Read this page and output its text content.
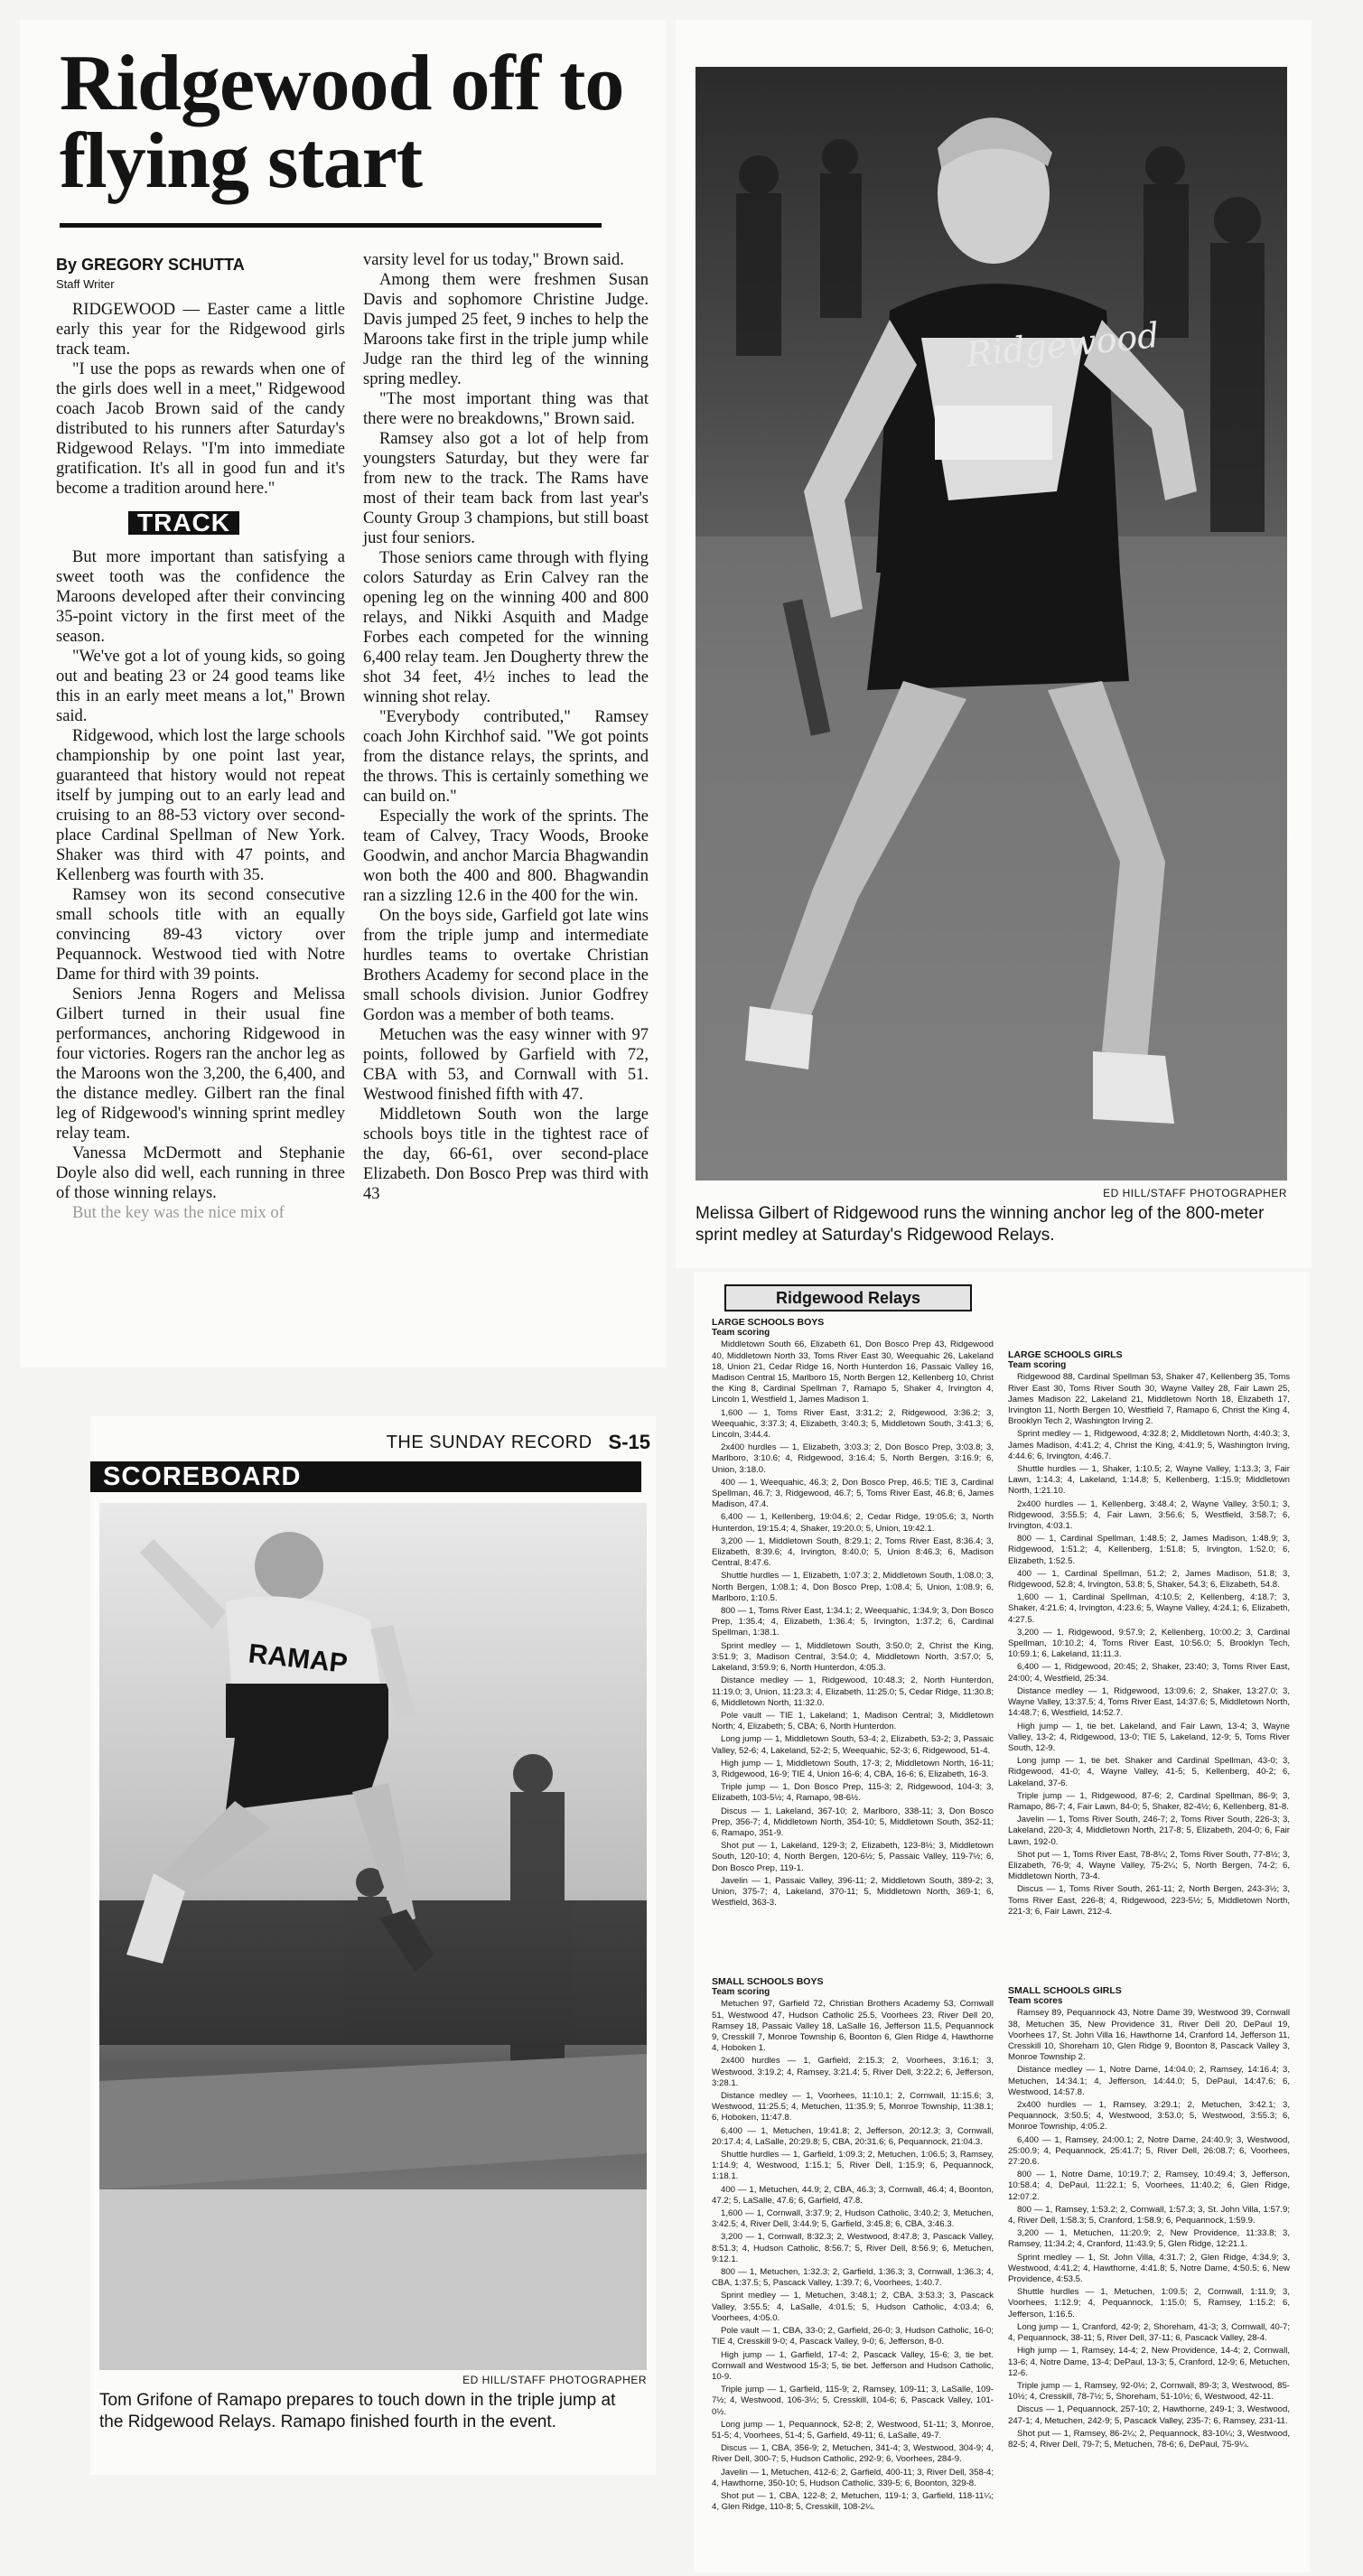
Ridgewood off to flying start
By GREGORY SCHUTTA
Staff Writer

RIDGEWOOD — Easter came a little early this year for the Ridgewood girls track team.

"I use the pops as rewards when one of the girls does well in a meet," Ridgewood coach Jacob Brown said of the candy distributed to his runners after Saturday's Ridgewood Relays. "I'm into immediate gratification. It's all in good fun and it's become a tradition around here."

TRACK

But more important than satisfying a sweet tooth was the confidence the Maroons developed after their convincing 35-point victory in the first meet of the season.

"We've got a lot of young kids, so going out and beating 23 or 24 good teams like this in an early meet means a lot," Brown said.

Ridgewood, which lost the large schools championship by one point last year, guaranteed that history would not repeat itself by jumping out to an early lead and cruising to an 88-53 victory over second-place Cardinal Spellman of New York. Shaker was third with 47 points, and Kellenberg was fourth with 35.

Ramsey won its second consecutive small schools title with an equally convincing 89-43 victory over Pequannock. Westwood tied with Notre Dame for third with 39 points.

Seniors Jenna Rogers and Melissa Gilbert turned in their usual fine performances, anchoring Ridgewood in four victories. Rogers ran the anchor leg as the Maroons won the 3,200, the 6,400, and the distance medley. Gilbert ran the final leg of Ridgewood's winning sprint medley relay team.

Vanessa McDermott and Stephanie Doyle also did well, each running in three of those winning relays.

But the key was the nice mix of

varsity level for us today," Brown said.

Among them were freshmen Susan Davis and sophomore Christine Judge. Davis jumped 25 feet, 9 inches to help the Maroons take first in the triple jump while Judge ran the third leg of the winning spring medley.

"The most important thing was that there were no breakdowns," Brown said.

Ramsey also got a lot of help from youngsters Saturday, but they were far from new to the track. The Rams have most of their team back from last year's County Group 3 champions, but still boast just four seniors.

Those seniors came through with flying colors Saturday as Erin Calvey ran the opening leg on the winning 400 and 800 relays, and Nikki Asquith and Madge Forbes each competed for the winning 6,400 relay team. Jen Dougherty threw the shot 34 feet, 4½ inches to lead the winning shot relay.

"Everybody contributed," Ramsey coach John Kirchhof said. "We got points from the distance relays, the sprints, and the throws. This is certainly something we can build on."

Especially the work of the sprints. The team of Calvey, Tracy Woods, Brooke Goodwin, and anchor Marcia Bhagwandin won both the 400 and 800. Bhagwandin ran a sizzling 12.6 in the 400 for the win.

On the boys side, Garfield got late wins from the triple jump and intermediate hurdles teams to overtake Christian Brothers Academy for second place in the small schools division. Junior Godfrey Gordon was a member of both teams.

Metuchen was the easy winner with 97 points, followed by Garfield with 72, CBA with 53, and Cornwall with 51. Westwood finished fifth with 47.

Middletown South won the large schools boys title in the tightest race of the day, 66-61, over second-place Elizabeth. Don Bosco Prep was third with 43

Ridgewood
ED HILL/STAFF PHOTOGRAPHER
Melissa Gilbert of Ridgewood runs the winning anchor leg of the 800-meter sprint medley at Saturday's Ridgewood Relays.
THE SUNDAY RECORD S-15
SCOREBOARD
RAMAP
ED HILL/STAFF PHOTOGRAPHER
Tom Grifone of Ramapo prepares to touch down in the triple jump at the Ridgewood Relays. Ramapo finished fourth in the event.
Ridgewood Relays
LARGE SCHOOLS BOYS
Team scoring

Middletown South 66, Elizabeth 61, Don Bosco Prep 43, Ridgewood 40, Middletown North 33, Toms River East 30, Weequahic 26, Lakeland 18, Union 21, Cedar Ridge 16, North Hunterdon 16, Passaic Valley 16, Madison Central 15, Marlboro 15, North Bergen 12, Kellenberg 10, Christ the King 8, Cardinal Spellman 7, Ramapo 5, Shaker 4, Irvington 4, Lincoln 1, Westfield 1, James Madison 1.

1,600 — 1, Toms River East, 3:31.2; 2, Ridgewood, 3:36.2; 3, Weequahic, 3:37.3; 4, Elizabeth, 3:40.3; 5, Middletown South, 3:41.3; 6, Lincoln, 3:44.4.

2x400 hurdles — 1, Elizabeth, 3:03.3; 2, Don Bosco Prep, 3:03.8; 3, Marlboro, 3:10.6; 4, Ridgewood, 3:16.4; 5, North Bergen, 3:16.9; 6, Union, 3:18.0.

400 — 1, Weequahic, 46.3; 2, Don Bosco Prep, 46.5; TIE 3, Cardinal Spellman, 46.7; 3, Ridgewood, 46.7; 5, Toms River East, 46.8; 6, James Madison, 47.4.

6,400 — 1, Kellenberg, 19:04.6; 2, Cedar Ridge, 19:05.6; 3, North Hunterdon, 19:15.4; 4, Shaker, 19:20.0; 5, Union, 19:42.1.

3,200 — 1, Middletown South, 8:29.1; 2, Toms River East, 8:36.4; 3, Elizabeth, 8:39.6; 4, Irvington, 8:40.0; 5, Union 8:46.3; 6, Madison Central, 8:47.6.

Shuttle hurdles — 1, Elizabeth, 1:07.3; 2, Middletown South, 1:08.0; 3, North Bergen, 1:08.1; 4, Don Bosco Prep, 1:08.4; 5, Union, 1:08.9; 6, Marlboro, 1:10.5.

800 — 1, Toms River East, 1:34.1; 2, Weequahic, 1:34.9; 3, Don Bosco Prep, 1:35.4; 4, Elizabeth, 1:36.4; 5, Irvington, 1:37.2; 6, Cardinal Spellman, 1:38.1.

Sprint medley — 1, Middletown South, 3:50.0; 2, Christ the King, 3:51.9; 3, Madison Central, 3:54.0; 4, Middletown North, 3:57.0; 5, Lakeland, 3:59.9; 6, North Hunterdon, 4:05.3.

Distance medley — 1, Ridgewood, 10:48.3; 2, North Hunterdon, 11:19.0; 3, Union, 11:23.3; 4, Elizabeth, 11:25.0; 5, Cedar Ridge, 11:30.8; 6, Middletown North, 11:32.0.

Pole vault — TIE 1, Lakeland; 1, Madison Central; 3, Middletown North; 4, Elizabeth; 5, CBA; 6, North Hunterdon.

Long jump — 1, Middletown South, 53-4; 2, Elizabeth, 53-2; 3, Passaic Valley, 52-6; 4, Lakeland, 52-2; 5, Weequahic, 52-3; 6, Ridgewood, 51-4.

High jump — 1, Middletown South, 17-3; 2, Middletown North, 16-11; 3, Ridgewood, 16-9; TIE 4, Union 16-6; 4, CBA, 16-6; 6, Elizabeth, 16-3.

Triple jump — 1, Don Bosco Prep, 115-3; 2, Ridgewood, 104-3; 3, Elizabeth, 103-5½; 4, Ramapo, 98-6½.

Discus — 1, Lakeland, 367-10; 2, Marlboro, 338-11; 3, Don Bosco Prep, 356-7; 4, Middletown North, 354-10; 5, Middletown South, 352-11; 6, Ramapo, 351-9.

Shot put — 1, Lakeland, 129-3; 2, Elizabeth, 123-8½; 3, Middletown South, 120-10; 4, North Bergen, 120-6½; 5, Passaic Valley, 119-7½; 6, Don Bosco Prep, 119-1.

Javelin — 1, Passaic Valley, 396-11; 2, Middletown South, 389-2; 3, Union, 375-7; 4, Lakeland, 370-11; 5, Middletown North, 369-1; 6, Westfield, 363-3.

LARGE SCHOOLS GIRLS
Team scoring

Ridgewood 88, Cardinal Spellman 53, Shaker 47, Kellenberg 35, Toms River East 30, Toms River South 30, Wayne Valley 28, Fair Lawn 25, James Madison 22, Lakeland 21, Middletown North 18, Elizabeth 17, Irvington 11, North Bergen 10, Westfield 7, Ramapo 6, Christ the King 4, Brooklyn Tech 2, Washington Irving 2.

Sprint medley — 1, Ridgewood, 4:32.8; 2, Middletown North, 4:40.3; 3, James Madison, 4:41.2; 4, Christ the King, 4:41.9; 5, Washington Irving, 4:44.6; 6, Irvington, 4:46.7.

Shuttle hurdles — 1, Shaker, 1:10.5; 2, Wayne Valley, 1:13.3; 3, Fair Lawn, 1:14.3; 4, Lakeland, 1:14.8; 5, Kellenberg, 1:15.9; Middletown North, 1:21.10.

2x400 hurdles — 1, Kellenberg, 3:48.4; 2, Wayne Valley, 3:50.1; 3, Ridgewood, 3:55.5; 4, Fair Lawn, 3:56.6; 5, Westfield, 3:58.7; 6, Irvington, 4:03.1.

800 — 1, Cardinal Spellman, 1:48.5; 2, James Madison, 1:48.9; 3, Ridgewood, 1:51.2; 4, Kellenberg, 1:51.8; 5, Irvington, 1:52.0; 6, Elizabeth, 1:52.5.

400 — 1, Cardinal Spellman, 51.2; 2, James Madison, 51.8; 3, Ridgewood, 52.8; 4, Irvington, 53.8; 5, Shaker, 54.3; 6, Elizabeth, 54.8.

1,600 — 1, Cardinal Spellman, 4:10.5; 2, Kellenberg, 4:18.7; 3, Shaker, 4:21.6; 4, Irvington, 4:23.6; 5, Wayne Valley, 4:24.1; 6, Elizabeth, 4:27.5.

3,200 — 1, Ridgewood, 9:57.9; 2, Kellenberg, 10:00.2; 3, Cardinal Spellman, 10:10.2; 4, Toms River East, 10:56.0; 5, Brooklyn Tech, 10:59.1; 6, Lakeland, 11:11.3.

6,400 — 1, Ridgewood, 20:45; 2, Shaker, 23:40; 3, Toms River East, 24:00; 4, Westfield, 25:34.

Distance medley — 1, Ridgewood, 13:09.6; 2, Shaker, 13:27.0; 3, Wayne Valley, 13:37.5; 4, Toms River East, 14:37.6; 5, Middletown North, 14:48.7; 6, Westfield, 14:52.7.

High jump — 1, tie bet. Lakeland, and Fair Lawn, 13-4; 3, Wayne Valley, 13-2; 4, Ridgewood, 13-0; TIE 5, Lakeland, 12-9; 5, Toms River South, 12-9.

Long jump — 1, tie bet. Shaker and Cardinal Spellman, 43-0; 3, Ridgewood, 41-0; 4, Wayne Valley, 41-5; 5, Kellenberg, 40-2; 6, Lakeland, 37-6.

Triple jump — 1, Ridgewood, 87-6; 2, Cardinal Spellman, 86-9; 3, Ramapo, 86-7; 4, Fair Lawn, 84-0; 5, Shaker, 82-4½; 6, Kellenberg, 81-8.

Javelin — 1, Toms River South, 246-7; 2, Toms River South, 226-3; 3, Lakeland, 220-3; 4, Middletown North, 217-8; 5, Elizabeth, 204-0; 6, Fair Lawn, 192-0.

Shot put — 1, Toms River East, 78-8¼; 2, Toms River South, 77-8½; 3, Elizabeth, 76-9; 4, Wayne Valley, 75-2¼; 5, North Bergen, 74-2; 6, Middletown North, 73-4.

Discus — 1, Toms River South, 261-11; 2, North Bergen, 243-3½; 3, Toms River East, 226-8; 4, Ridgewood, 223-5½; 5, Middletown North, 221-3; 6, Fair Lawn, 212-4.

SMALL SCHOOLS BOYS
Team scoring

Metuchen 97, Garfield 72, Christian Brothers Academy 53, Cornwall 51, Westwood 47, Hudson Catholic 25.5, Voorhees 23, River Dell 20, Ramsey 18, Passaic Valley 18, LaSalle 16, Jefferson 11.5, Pequannock 9, Cresskill 7, Monroe Township 6, Boonton 6, Glen Ridge 4, Hawthorne 4, Hoboken 1.

2x400 hurdles — 1, Garfield, 2:15.3; 2, Voorhees, 3:16.1; 3, Westwood, 3:19.2; 4, Ramsey, 3:21.4; 5, River Dell, 3:22.2; 6, Jefferson, 3:28.1.

Distance medley — 1, Voorhees, 11:10.1; 2, Cornwall, 11:15.6; 3, Westwood, 11:25.5; 4, Metuchen, 11:35.9; 5, Monroe Township, 11:38.1; 6, Hoboken, 11:47.8.

6,400 — 1, Metuchen, 19:41.8; 2, Jefferson, 20:12.3; 3, Cornwall, 20:17.4; 4, LaSalle, 20:29.8; 5, CBA, 20:31.6; 6, Pequannock, 21:04.3.

Shuttle hurdles — 1, Garfield, 1:09.3; 2, Metuchen, 1:06.5; 3, Ramsey, 1:14.9; 4, Westwood, 1:15.1; 5, River Dell, 1:15.9; 6, Pequannock, 1:18.1.

400 — 1, Metuchen, 44.9; 2, CBA, 46.3; 3, Cornwall, 46.4; 4, Boonton, 47.2; 5, LaSalle, 47.6; 6, Garfield, 47.8.

1,600 — 1, Cornwall, 3:37.9; 2, Hudson Catholic, 3:40.2; 3, Metuchen, 3:42.5; 4, River Dell, 3:44.9; 5, Garfield, 3:45.8; 6, CBA, 3:46.3.

3,200 — 1, Cornwall, 8:32.3; 2, Westwood, 8:47.8; 3, Pascack Valley, 8:51.3; 4, Hudson Catholic, 8:56.7; 5, River Dell, 8:56.9; 6, Metuchen, 9:12.1.

800 — 1, Metuchen, 1:32.3; 2, Garfield, 1:36.3; 3, Cornwall, 1:36.3; 4, CBA, 1:37.5; 5, Pascack Valley, 1:39.7; 6, Voorhees, 1:40.7.

Sprint medley — 1, Metuchen, 3:48.1; 2, CBA, 3:53.3; 3, Pascack Valley, 3:55.5; 4, LaSalle, 4:01.5; 5, Hudson Catholic, 4:03.4; 6, Voorhees, 4:05.0.

Pole vault — 1, CBA, 33-0; 2, Garfield, 26-0; 3, Hudson Catholic, 16-0; TIE 4, Cresskill 9-0; 4, Pascack Valley, 9-0; 6, Jefferson, 8-0.

High jump — 1, Garfield, 17-4; 2, Pascack Valley, 15-6; 3, tie bet. Cornwall and Westwood 15-3; 5, tie bet. Jefferson and Hudson Catholic, 10-9.

Triple jump — 1, Garfield, 115-9; 2, Ramsey, 109-11; 3, LaSalle, 109-7½; 4, Westwood, 106-3½; 5, Cresskill, 104-6; 6, Pascack Valley, 101-0½.

Long jump — 1, Pequannock, 52-8; 2, Westwood, 51-11; 3, Monroe, 51-5; 4, Voorhees, 51-4; 5, Garfield, 49-11; 6, LaSalle, 49-7.

Discus — 1, CBA, 356-9; 2, Metuchen, 341-4; 3, Westwood, 304-9; 4, River Dell, 300-7; 5, Hudson Catholic, 292-9; 6, Voorhees, 284-9.

Javelin — 1, Metuchen, 412-6; 2, Garfield, 400-11; 3, River Dell, 358-4; 4, Hawthorne, 350-10; 5, Hudson Catholic, 339-5; 6, Boonton, 329-8.

Shot put — 1, CBA, 122-8; 2, Metuchen, 119-1; 3, Garfield, 118-11¼; 4, Glen Ridge, 110-8; 5, Cresskill, 108-2¼.

SMALL SCHOOLS GIRLS
Team scores

Ramsey 89, Pequannock 43, Notre Dame 39, Westwood 39, Cornwall 38, Metuchen 35, New Providence 31, River Dell 20, DePaul 19, Voorhees 17, St. John Villa 16, Hawthorne 14, Cranford 14, Jefferson 11, Cresskill 10, Shoreham 10, Glen Ridge 9, Boonton 8, Pascack Valley 3, Monroe Township 2.

Distance medley — 1, Notre Dame, 14:04.0; 2, Ramsey, 14:16.4; 3, Metuchen, 14:34.1; 4, Jefferson, 14:44.0; 5, DePaul, 14:47.6; 6, Westwood, 14:57.8.

2x400 hurdles — 1, Ramsey, 3:29.1; 2, Metuchen, 3:42.1; 3, Pequannock, 3:50.5; 4, Westwood, 3:53.0; 5, Westwood, 3:55.3; 6, Monroe Township, 4:05.2.

6,400 — 1, Ramsey, 24:00.1; 2, Notre Dame, 24:40.9; 3, Westwood, 25:00.9; 4, Pequannock, 25:41.7; 5, River Dell, 26:08.7; 6, Voorhees, 27:20.6.

800 — 1, Notre Dame, 10:19.7; 2, Ramsey, 10:49.4; 3, Jefferson, 10:58.4; 4, DePaul, 11:22.1; 5, Voorhees, 11:40.2; 6, Glen Ridge, 12:07.2.

800 — 1, Ramsey, 1:53.2; 2, Cornwall, 1:57.3; 3, St. John Villa, 1:57.9; 4, River Dell, 1:58.3; 5, Cranford, 1:58.9; 6, Pequannock, 1:59.9.

3,200 — 1, Metuchen, 11:20.9; 2, New Providence, 11:33.8; 3, Ramsey, 11:34.2; 4, Cranford, 11:43.9; 5, Glen Ridge, 12:21.1.

Sprint medley — 1, St. John Villa, 4:31.7; 2, Glen Ridge, 4:34.9; 3, Westwood, 4:41.2; 4, Hawthorne, 4:41.8; 5, Notre Dame, 4:50.5; 6, New Providence, 4:53.5.

Shuttle hurdles — 1, Metuchen, 1:09.5; 2, Cornwall, 1:11.9; 3, Voorhees, 1:12.9; 4, Pequannock, 1:15.0; 5, Ramsey, 1:15.2; 6, Jefferson, 1:16.5.

Long jump — 1, Cranford, 42-9; 2, Shoreham, 41-3; 3, Cornwall, 40-7; 4, Pequannock, 38-11; 5, River Dell, 37-11; 6, Pascack Valley, 28-4.

High jump — 1, Ramsey, 14-4; 2, New Providence, 14-4; 2, Cornwall, 13-6; 4, Notre Dame, 13-4; DePaul, 13-3; 5, Cranford, 12-9; 6, Metuchen, 12-6.

Triple jump — 1, Ramsey, 92-0½; 2, Cornwall, 89-3; 3, Westwood, 85-10½; 4, Cresskill, 78-7½; 5, Shoreham, 51-10½; 6, Westwood, 42-11.

Discus — 1, Pequannock, 257-10; 2, Hawthorne, 249-1; 3, Westwood, 247-1; 4, Metuchen, 242-9; 5, Pascack Valley, 235-7; 6, Ramsey, 231-11.

Shot put — 1, Ramsey, 86-2¼; 2, Pequannock, 83-10¼; 3, Westwood, 82-5; 4, River Dell, 79-7; 5, Metuchen, 78-6; 6, DePaul, 75-9¼.
